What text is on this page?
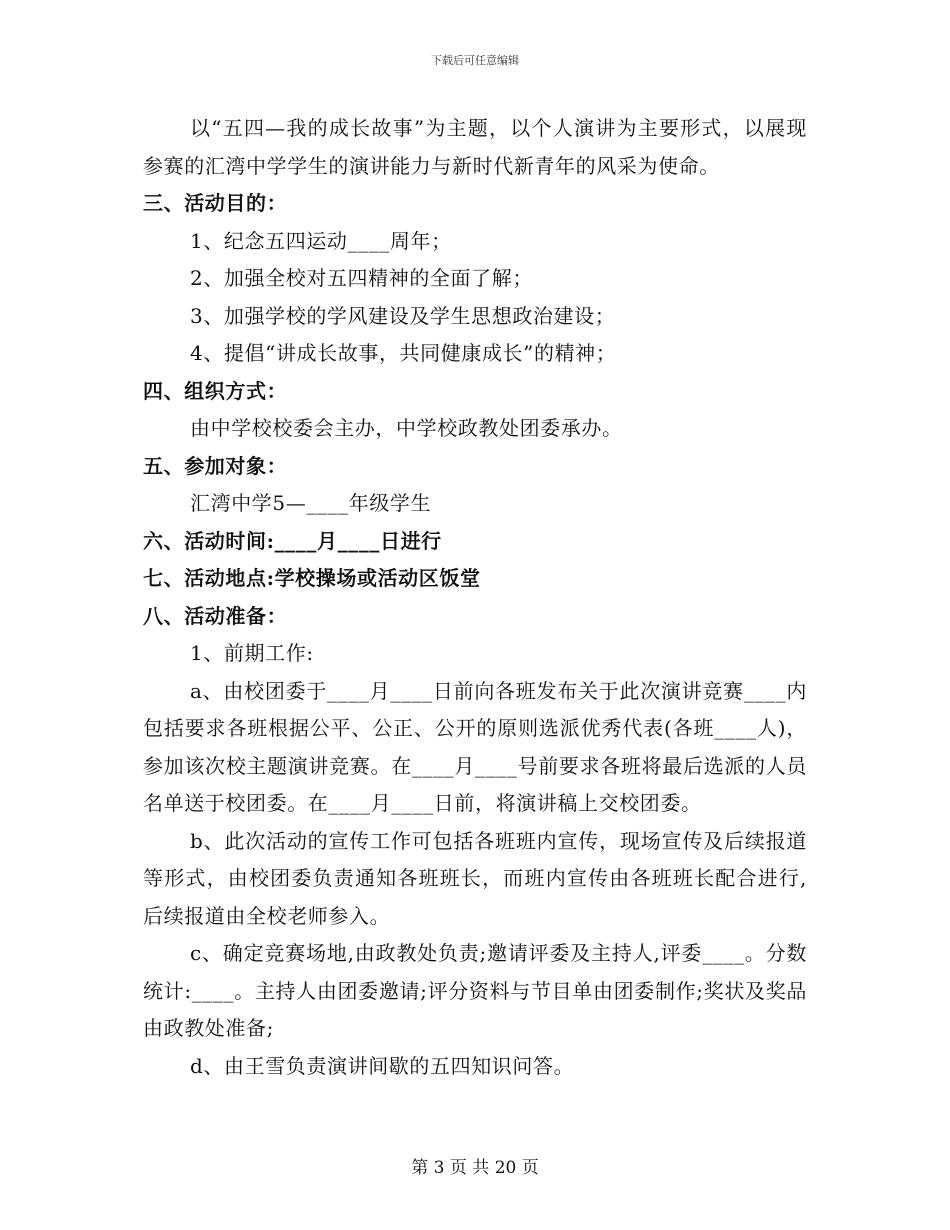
下载后可任意编辑

以“五四—我的成长故事”为主题，以个人演讲为主要形式，以展现参赛的汇湾中学学生的演讲能力与新时代新青年的风采为使命。

三、活动目的：

1、纪念五四运动____周年；

2、加强全校对五四精神的全面了解；

3、加强学校的学风建设及学生思想政治建设；

4、提倡“讲成长故事，共同健康成长”的精神；

四、组织方式：

由中学校校委会主办，中学校政教处团委承办。

五、参加对象：

汇湾中学5—____年级学生

六、活动时间:____月____日进行

七、活动地点:学校操场或活动区饭堂

八、活动准备：

1、前期工作:

a、由校团委于____月____日前向各班发布关于此次演讲竞赛____内包括要求各班根据公平、公正、公开的原则选派优秀代表(各班____人)，参加该次校主题演讲竞赛。在____月____号前要求各班将最后选派的人员名单送于校团委。在____月____日前，将演讲稿上交校团委。

b、此次活动的宣传工作可包括各班班内宣传，现场宣传及后续报道等形式，由校团委负责通知各班班长，而班内宣传由各班班长配合进行,后续报道由全校老师参入。

c、确定竞赛场地,由政教处负责;邀请评委及主持人,评委____。分数统计:____。主持人由团委邀请;评分资料与节目单由团委制作;奖状及奖品由政教处准备;

d、由王雪负责演讲间歇的五四知识问答。

第 3 页 共 20 页
